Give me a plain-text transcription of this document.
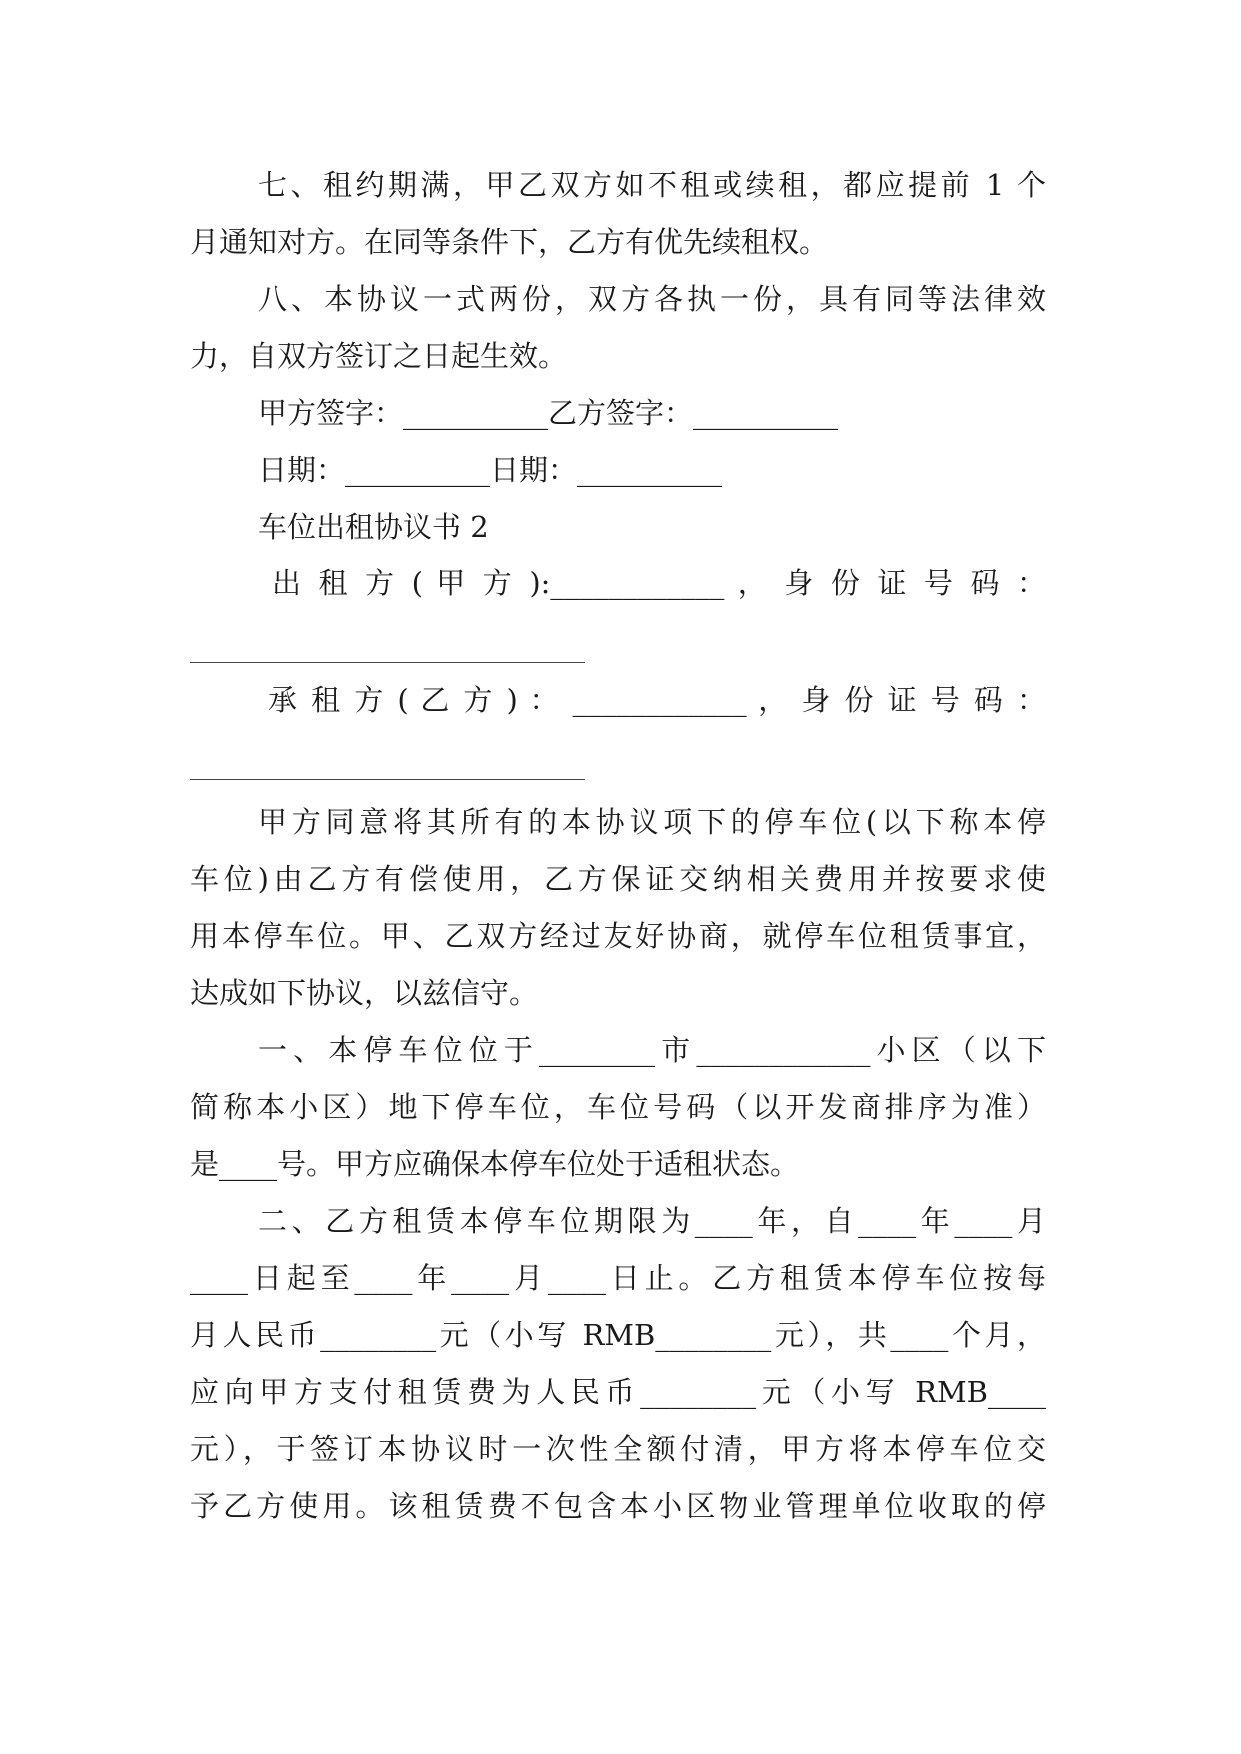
七、租约期满，甲乙双方如不租或续租，都应提前 1 个
月通知对方。在同等条件下，乙方有优先续租权。
八、本协议一式两份，双方各执一份，具有同等法律效
力，自双方签订之日起生效。
甲方签字：__________乙方签字：__________
日期：__________日期：__________
车位出租协议书 2
出 租 方 ( 甲 方 ):____________ ， 身 份 证 号 码 ：
承 租 方 ( 乙 方 ) ： ____________ ， 身 份 证 号 码 ：
甲方同意将其所有的本协议项下的停车位(以下称本停
车位)由乙方有偿使用，乙方保证交纳相关费用并按要求使
用本停车位。甲、乙双方经过友好协商，就停车位租赁事宜，
达成如下协议，以兹信守。
一、本停车位位于________市____________小区（以下
简称本小区）地下停车位，车位号码（以开发商排序为准）
是____号。甲方应确保本停车位处于适租状态。
二、乙方租赁本停车位期限为____年，自____年____月
____日起至____年____月____日止。乙方租赁本停车位按每
月人民币________元（小写 RMB________元），共____个月，
应向甲方支付租赁费为人民币________元（小写 RMB____
元），于签订本协议时一次性全额付清，甲方将本停车位交
予乙方使用。该租赁费不包含本小区物业管理单位收取的停
